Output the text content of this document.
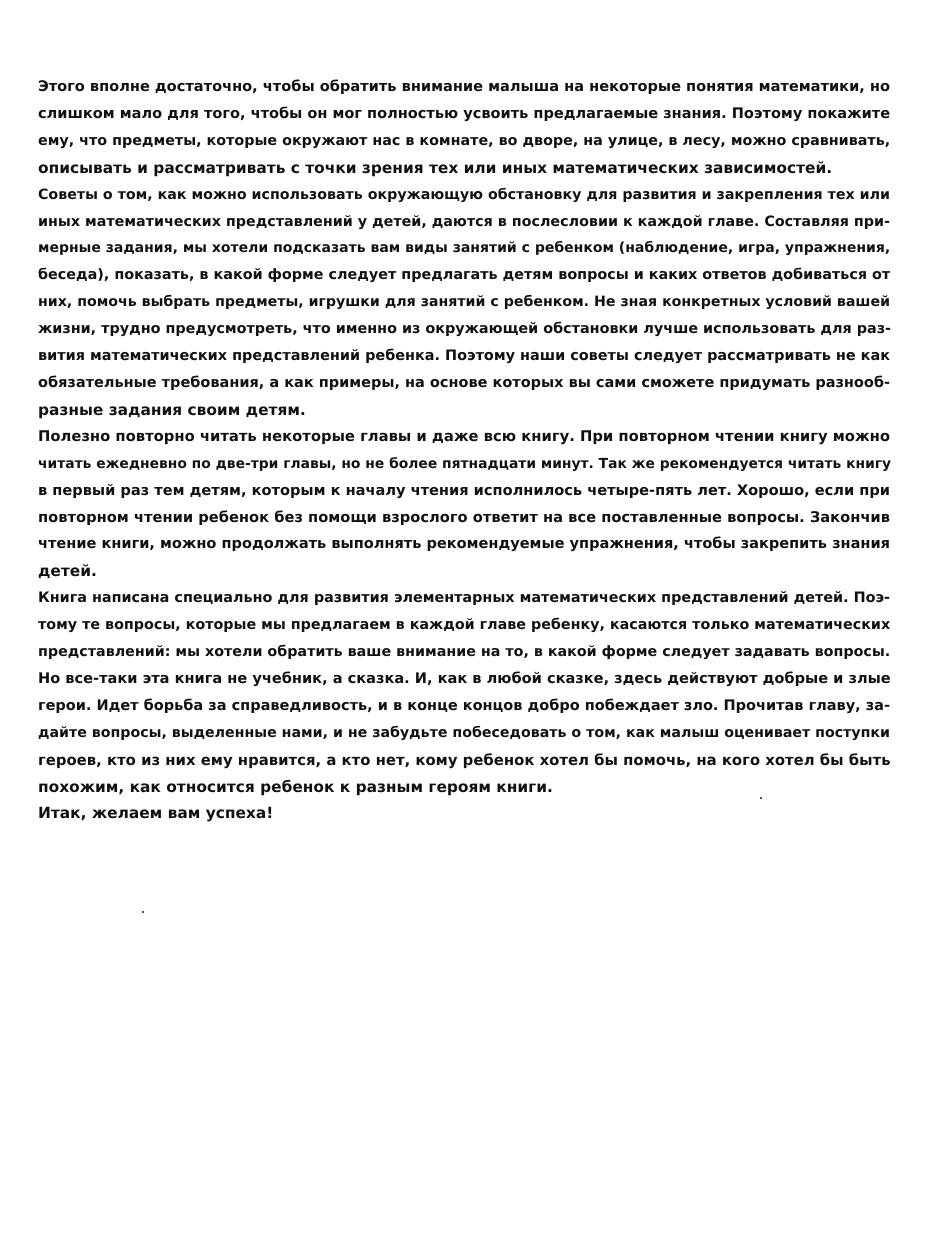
Этого вполне достаточно, чтобы обратить внимание малыша на некоторые понятия математики, но
слишком мало для того, чтобы он мог полностью усвоить предлагаемые знания. Поэтому покажите
ему, что предметы, которые окружают нас в комнате, во дворе, на улице, в лесу, можно сравнивать,
описывать и рассматривать с точки зрения тех или иных математических зависимостей.

Советы о том, как можно использовать окружающую обстановку для развития и закрепления тех или
иных математических представлений у детей, даются в послесловии к каждой главе. Составляя при-
мерные задания, мы хотели подсказать вам виды занятий с ребенком (наблюдение, игра, упражнения,
беседа), показать, в какой форме следует предлагать детям вопросы и каких ответов добиваться от
них, помочь выбрать предметы, игрушки для занятий с ребенком. Не зная конкретных условий вашей
жизни, трудно предусмотреть, что именно из окружающей обстановки лучше использовать для раз-
вития математических представлений ребенка. Поэтому наши советы следует рассматривать не как
обязательные требования, а как примеры, на основе которых вы сами сможете придумать разнооб-
разные задания своим детям.

Полезно повторно читать некоторые главы и даже всю книгу. При повторном чтении книгу можно
читать ежедневно по две-три главы, но не более пятнадцати минут. Так же рекомендуется читать книгу
в первый раз тем детям, которым к началу чтения исполнилось четыре-пять лет. Хорошо, если при
повторном чтении ребенок без помощи взрослого ответит на все поставленные вопросы. Закончив
чтение книги, можно продолжать выполнять рекомендуемые упражнения, чтобы закрепить знания
детей.

Книга написана специально для развития элементарных математических представлений детей. Поэ-
тому те вопросы, которые мы предлагаем в каждой главе ребенку, касаются только математических
представлений: мы хотели обратить ваше внимание на то, в какой форме следует задавать вопросы.
Но все-таки эта книга не учебник, а сказка. И, как в любой сказке, здесь действуют добрые и злые
герои. Идет борьба за справедливость, и в конце концов добро побеждает зло. Прочитав главу, за-
дайте вопросы, выделенные нами, и не забудьте побеседовать о том, как малыш оценивает поступки
героев, кто из них ему нравится, а кто нет, кому ребенок хотел бы помочь, на кого хотел бы быть
похожим, как относится ребенок к разным героям книги.

Итак, желаем вам успеха!
